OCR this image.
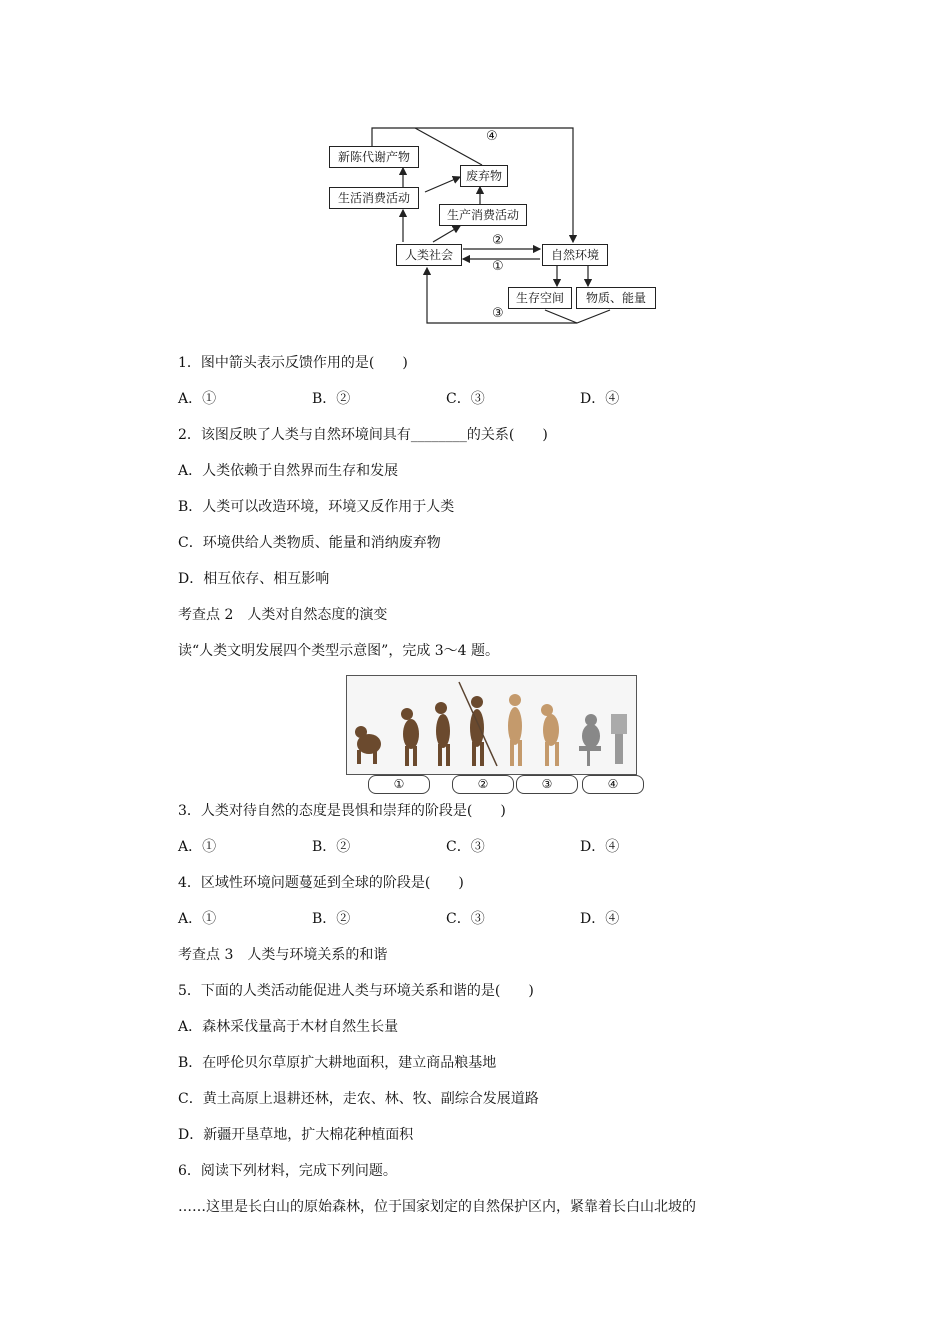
新陈代谢产物
生活消费活动
废弃物
生产消费活动
人类社会	自然环境
生存空间	物质、能量
④
②
①
③
1．图中箭头表示反馈作用的是(　　)
A．①	B．②	C．③	D．④
2．该图反映了人类与自然环境间具有________的关系(　　)
A．人类依赖于自然界而生存和发展
B．人类可以改造环境，环境又反作用于人类
C．环境供给人类物质、能量和消纳废弃物
D．相互依存、相互影响
考查点 2　人类对自然态度的演变
读“人类文明发展四个类型示意图”，完成 3～4 题。
①	②	③	④
3．人类对待自然的态度是畏惧和崇拜的阶段是(　　)
A．①	B．②	C．③	D．④
4．区域性环境问题蔓延到全球的阶段是(　　)
A．①	B．②	C．③	D．④
考查点 3　人类与环境关系的和谐
5．下面的人类活动能促进人类与环境关系和谐的是(　　)
A．森林采伐量高于木材自然生长量
B．在呼伦贝尔草原扩大耕地面积，建立商品粮基地
C．黄土高原上退耕还林，走农、林、牧、副综合发展道路
D．新疆开垦草地，扩大棉花种植面积
6．阅读下列材料，完成下列问题。
……这里是长白山的原始森林，位于国家划定的自然保护区内，紧靠着长白山北坡的
